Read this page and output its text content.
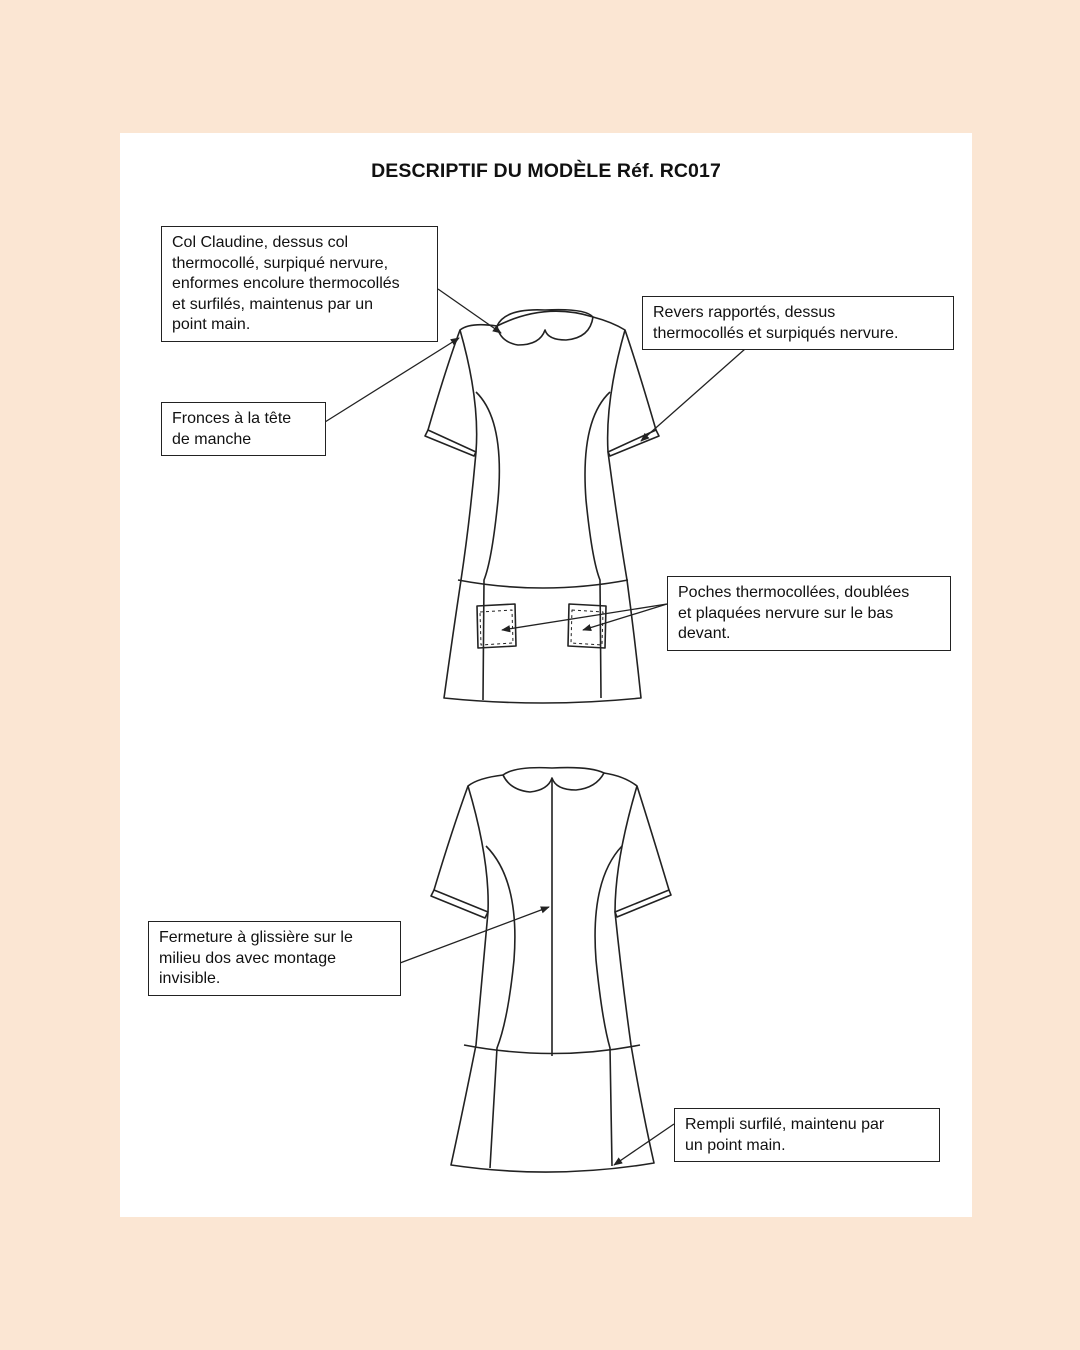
DESCRIPTIF DU MODÈLE Réf. RC017
Col Claudine, dessus col
thermocollé, surpiqué nervure,
enformes encolure thermocollés
et surfilés, maintenus par un
point main.
Fronces à la tête
de manche
Revers rapportés, dessus
thermocollés et surpiqués nervure.
Poches thermocollées, doublées
et plaquées nervure sur le bas
devant.
Fermeture à glissière sur le
milieu dos avec montage
invisible.
Rempli surfilé, maintenu par
un point main.
